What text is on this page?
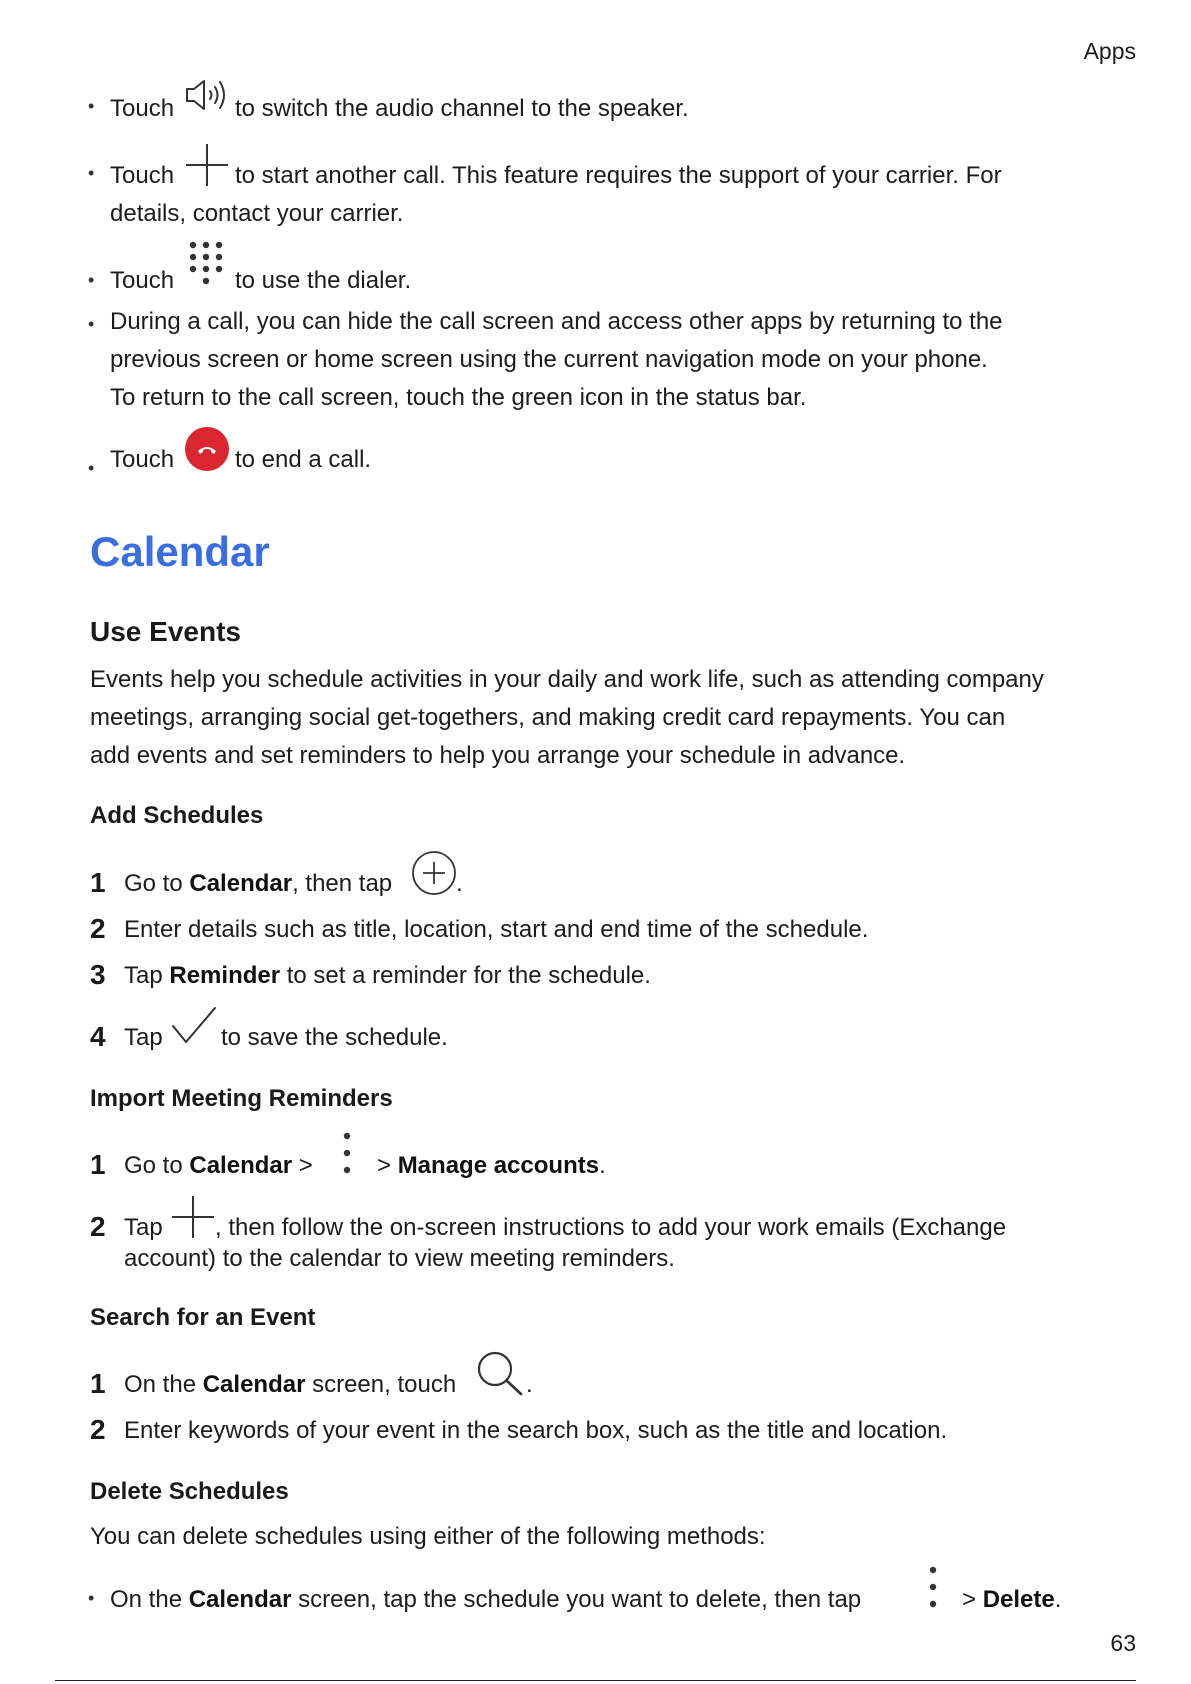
Apps
• Touch	to switch the audio channel to the speaker.
• Touch	to start another call. This feature requires the support of your carrier. For
details, contact your carrier.
• Touch	to use the dialer.
• During a call, you can hide the call screen and access other apps by returning to the
previous screen or home screen using the current navigation mode on your phone.
To return to the call screen, touch the green icon in the status bar.
• Touch	to end a call.
Calendar
Use Events
Events help you schedule activities in your daily and work life, such as attending company
meetings, arranging social get-togethers, and making credit card repayments. You can
add events and set reminders to help you arrange your schedule in advance.
Add Schedules
1 Go to Calendar, then tap	.
2 Enter details such as title, location, start and end time of the schedule.
3 Tap Reminder to set a reminder for the schedule.
4 Tap to save the schedule.
Import Meeting Reminders
1 Go to Calendar >	> Manage accounts.
2 Tap , then follow the on-screen instructions to add your work emails (Exchange
account) to the calendar to view meeting reminders.
Search for an Event
1 On the Calendar screen, touch	.
2 Enter keywords of your event in the search box, such as the title and location.
Delete Schedules
You can delete schedules using either of the following methods:
• On the Calendar screen, tap the schedule you want to delete, then tap	> Delete.
63
